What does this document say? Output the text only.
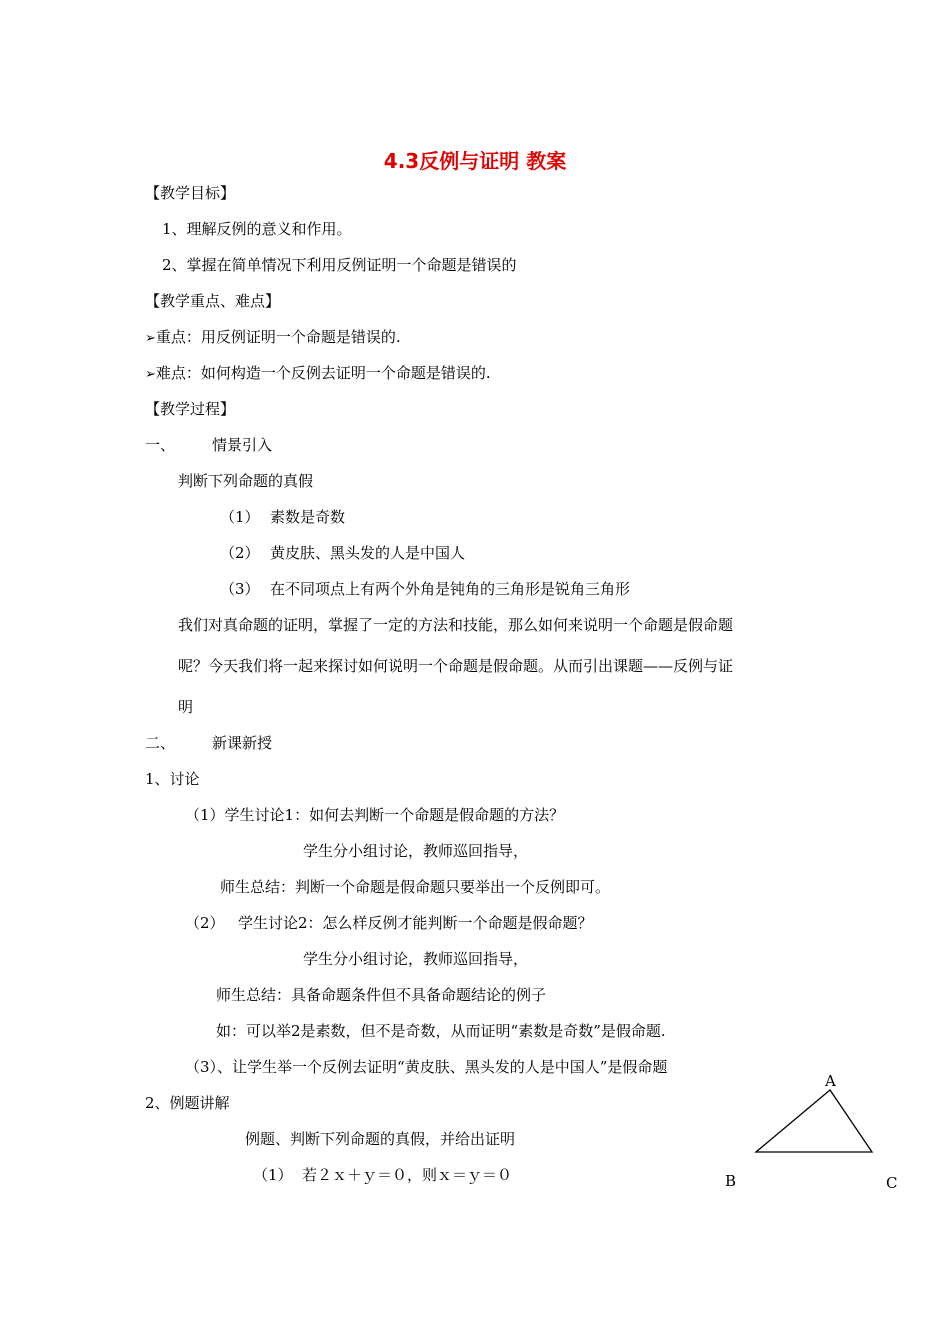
4.3反例与证明 教案
【教学目标】
1、理解反例的意义和作用。
2、掌握在简单情况下利用反例证明一个命题是错误的
【教学重点、难点】
➢重点：用反例证明一个命题是错误的.
➢难点：如何构造一个反例去证明一个命题是错误的.
【教学过程】
一、 情景引入
判断下列命题的真假
（1） 素数是奇数
（2） 黄皮肤、黑头发的人是中国人
（3） 在不同项点上有两个外角是钝角的三角形是锐角三角形
我们对真命题的证明，掌握了一定的方法和技能，那么如何来说明一个命题是假命题
呢？今天我们将一起来探讨如何说明一个命题是假命题。从而引出课题——反例与证
明
二、 新课新授
1、讨论
（1）学生讨论1：如何去判断一个命题是假命题的方法？
学生分小组讨论，教师巡回指导，
师生总结：判断一个命题是假命题只要举出一个反例即可。
（2） 学生讨论2：怎么样反例才能判断一个命题是假命题？
学生分小组讨论，教师巡回指导，
师生总结：具备命题条件但不具备命题结论的例子
如：可以举2是素数，但不是奇数，从而证明“素数是奇数”是假命题.
（3）、让学生举一个反例去证明“黄皮肤、黑头发的人是中国人”是假命题
2、例题讲解
例题、判断下列命题的真假，并给出证明
（1） 若２ｘ＋ｙ＝０，则ｘ＝ｙ＝０
A
B	C
